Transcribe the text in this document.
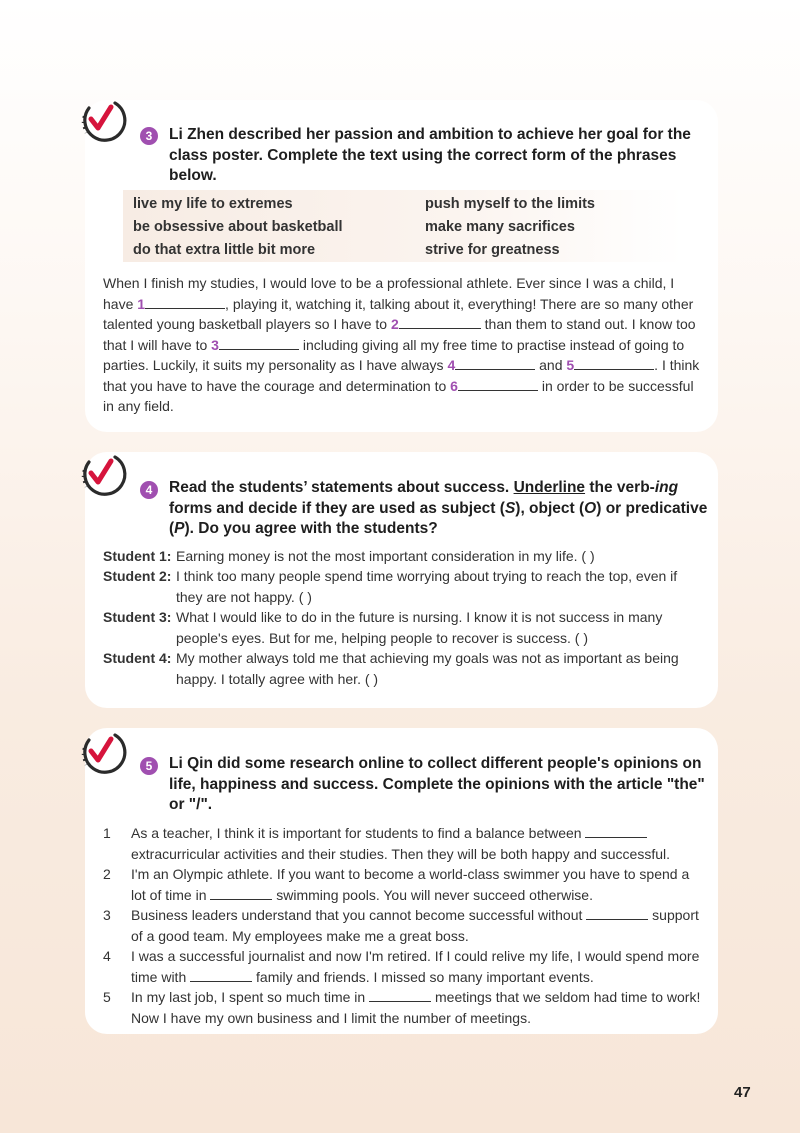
3	Li Zhen described her passion and ambition to achieve her goal for the class poster. Complete the text using the correct form of the phrases below.
live my life to extremes	push myself to the limits
be obsessive about basketball	make many sacrifices
do that extra little bit more	strive for greatness
When I finish my studies, I would love to be a professional athlete. Ever since I was a child, I have 1	, playing it, watching it, talking about it, everything! There are so many other talented young basketball players so I have to 2	than them to stand out. I know too that I will have to 3	including giving all my free time to practise instead of going to parties. Luckily, it suits my personality as I have always 4	and 5	. I think that you have to have the courage and determination to 6	in order to be successful in any field.
4	Read the students’ statements about success. Underline the verb-ing forms and decide if they are used as subject (S), object (O) or predicative (P). Do you agree with the students?
Student 1: Earning money is not the most important consideration in my life. ( )
Student 2: I think too many people spend time worrying about trying to reach the top, even if they are not happy. ( )
Student 3: What I would like to do in the future is nursing. I know it is not success in many people's eyes. But for me, helping people to recover is success. ( )
Student 4: My mother always told me that achieving my goals was not as important as being happy. I totally agree with her. ( )
5	Li Qin did some research online to collect different people's opinions on life, happiness and success. Complete the opinions with the article "the" or "/".
1 As a teacher, I think it is important for students to find a balance between  extracurricular activities and their studies. Then they will be both happy and successful.
2 I'm an Olympic athlete. If you want to become a world-class swimmer you have to spend a lot of time in	swimming pools. You will never succeed otherwise.
3 Business leaders understand that you cannot become successful without	support of a good team. My employees make me a great boss.
4 I was a successful journalist and now I'm retired. If I could relive my life, I would spend more time with	family and friends. I missed so many important events.
5 In my last job, I spent so much time in	meetings that we seldom had time to work! Now I have my own business and I limit the number of meetings.
47
